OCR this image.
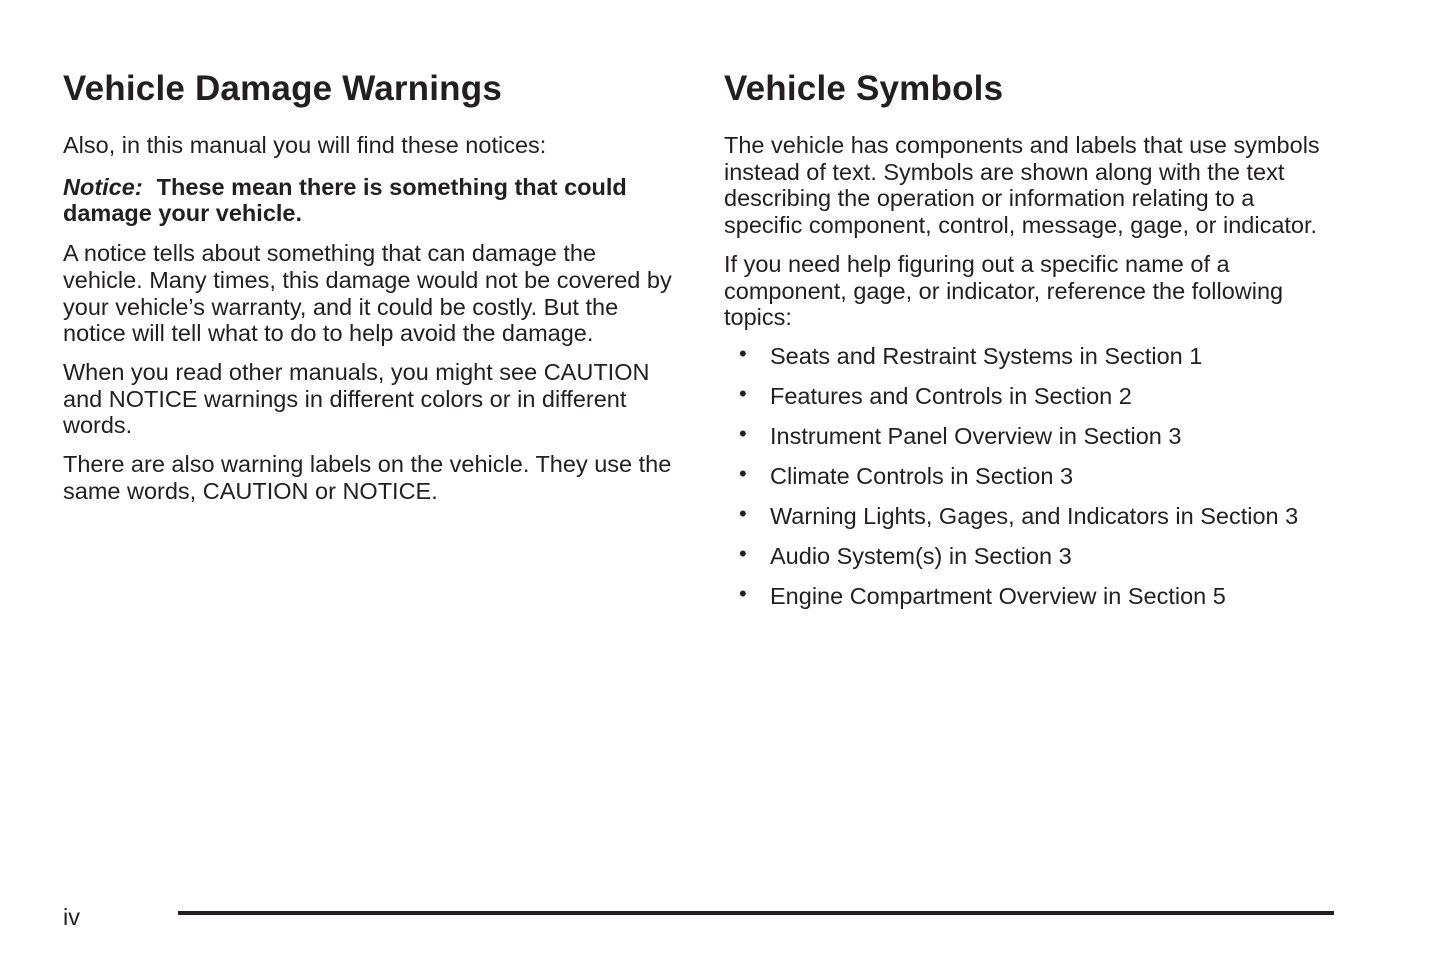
Vehicle Damage Warnings

Also, in this manual you will find these notices:

Notice: These mean there is something that could damage your vehicle.

A notice tells about something that can damage the vehicle. Many times, this damage would not be covered by your vehicle’s warranty, and it could be costly. But the notice will tell what to do to help avoid the damage.

When you read other manuals, you might see CAUTION and NOTICE warnings in different colors or in different words.

There are also warning labels on the vehicle. They use the same words, CAUTION or NOTICE.

Vehicle Symbols

The vehicle has components and labels that use symbols instead of text. Symbols are shown along with the text describing the operation or information relating to a specific component, control, message, gage, or indicator.

If you need help figuring out a specific name of a component, gage, or indicator, reference the following topics:

• Seats and Restraint Systems in Section 1
• Features and Controls in Section 2
• Instrument Panel Overview in Section 3
• Climate Controls in Section 3
• Warning Lights, Gages, and Indicators in Section 3
• Audio System(s) in Section 3
• Engine Compartment Overview in Section 5
iv
